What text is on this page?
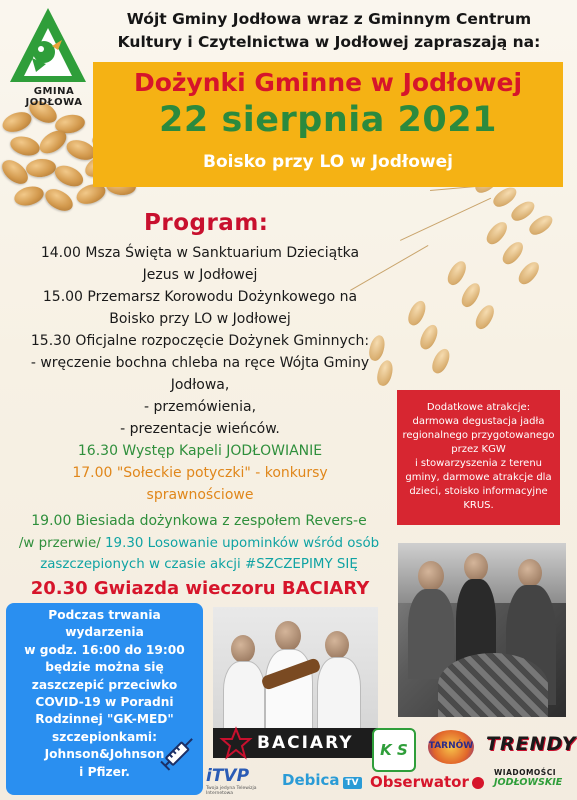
GMINA JODŁOWA
Wójt Gminy Jodłowa wraz z Gminnym Centrum
Kultury i Czytelnictwa w Jodłowej zapraszają na:
Dożynki Gminne w Jodłowej
22 sierpnia 2021
Boisko przy LO w Jodłowej
Program:
14.00 Msza Święta w Sanktuarium Dzieciątka
Jezus w Jodłowej
15.00 Przemarsz Korowodu Dożynkowego na
Boisko przy LO w Jodłowej
15.30 Oficjalne rozpoczęcie Dożynek Gminnych:
- wręczenie bochna chleba na ręce Wójta Gminy
Jodłowa,
- przemówienia,
- prezentacje wieńców.
16.30 Występ Kapeli JODŁOWIANIE
17.00 "Sołeckie potyczki" - konkursy
sprawnościowe
19.00 Biesiada dożynkowa z zespołem Revers-e
/w przerwie/ 19.30 Losowanie upominków wśród osób
zaszczepionych w czasie akcji #SZCZEPIMY SIĘ
20.30 Gwiazda wieczoru BACIARY
Dodatkowe atrakcje:
darmowa degustacja jadła
regionalnego przygotowanego
przez KGW
i stowarzyszenia z terenu
gminy, darmowe atrakcje dla
dzieci, stoisko informacyjne
KRUS.
Podczas trwania
wydarzenia
w godz. 16:00 do 19:00
będzie można się
zaszczepić przeciwko
COVID-19 w Poradni
Rodzinnej "GK-MED"
szczepionkami:
Johnson&Johnson
i Pfizer.
BACIARY	K S	TARNÓW TRENDY
iTVP
Twoja jedyna Telewizja Internetowa
Debica TV Obserwator
WIADOMOŚCI
JODŁOWSKIE
